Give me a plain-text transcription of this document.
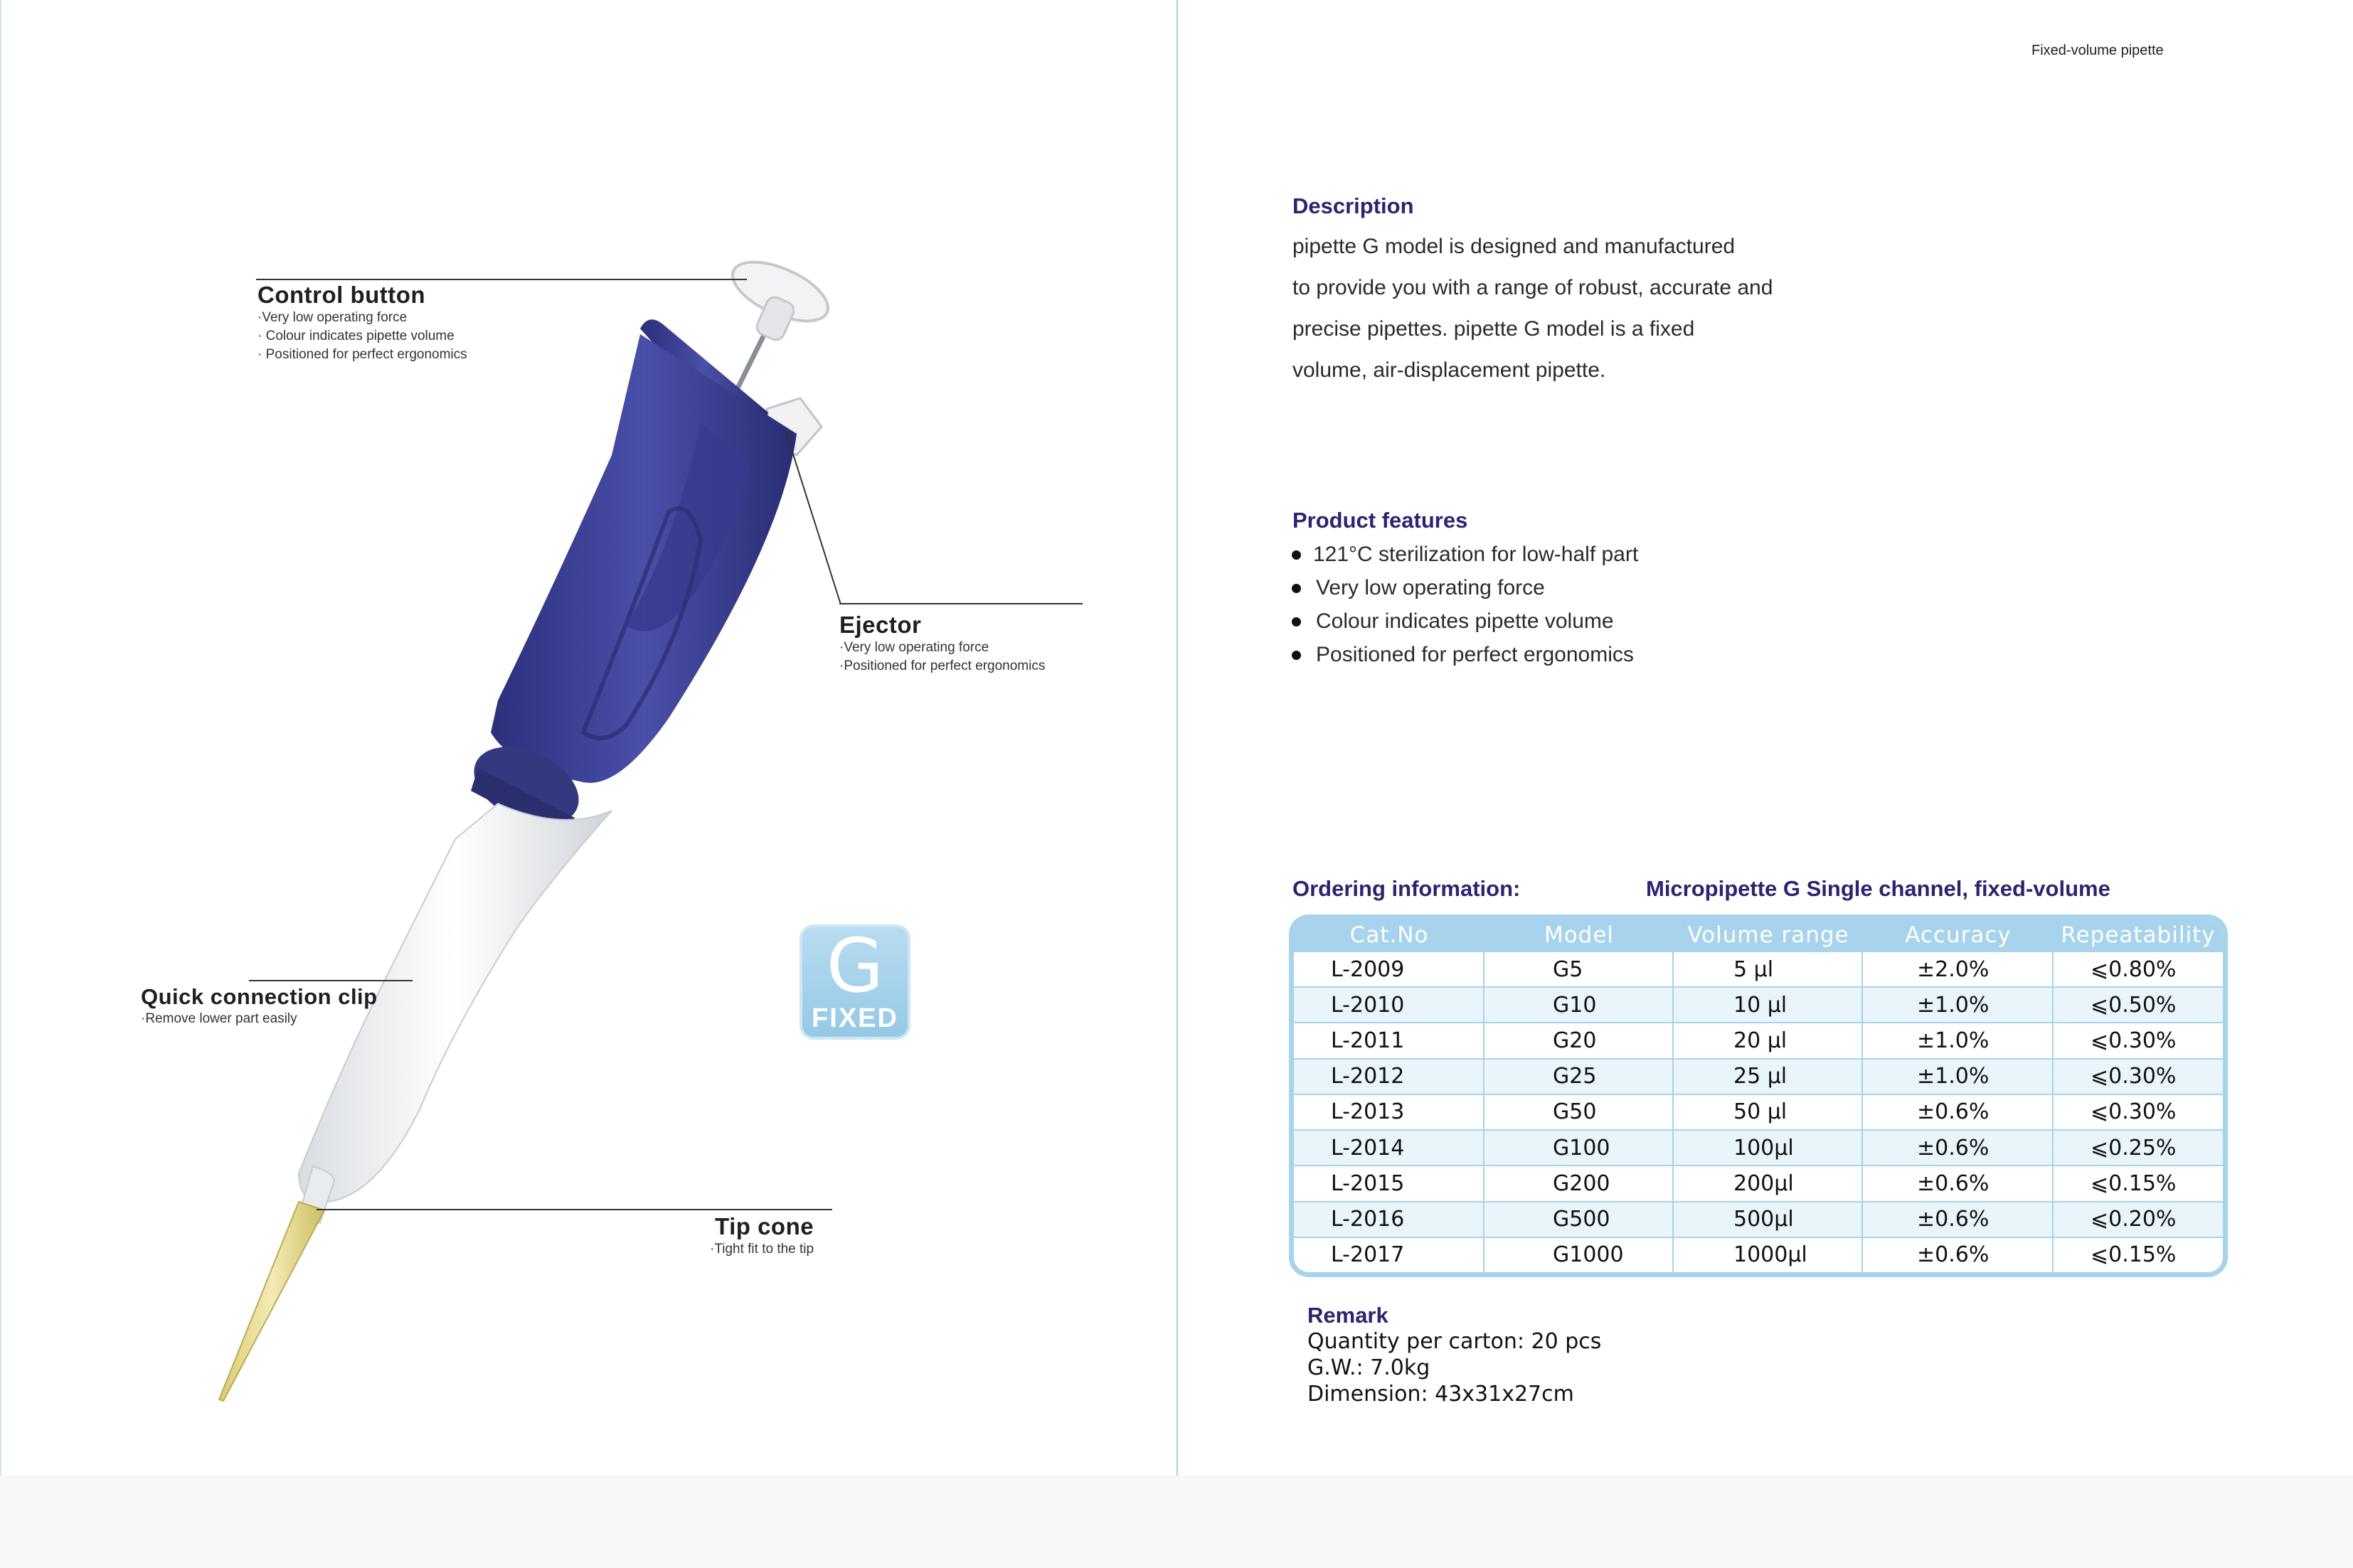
Control button
·Very low operating force
· Colour indicates pipette volume
· Positioned for perfect ergonomics
Ejector
·Very low operating force
·Positioned for perfect ergonomics
Quick connection clip
·Remove lower part easily
Tip cone
·Tight fit to the tip
G
FIXED
Fixed-volume pipette
Description
pipette G model is designed and manufactured
to provide you with a range of robust, accurate and
precise pipettes. pipette G model is a fixed
volume, air-displacement pipette.
Product features
121°C sterilization for low-half part
Very low operating force
Colour indicates pipette volume
Positioned for perfect ergonomics
Ordering information:	Micropipette G Single channel, fixed-volume
Cat.No	Model	Volume range	Accuracy	Repeatability
L-2009	G5	5 µl	±2.0%	⩽0.80%
L-2010	G10	10 µl	±1.0%	⩽0.50%
L-2011	G20	20 µl	±1.0%	⩽0.30%
L-2012	G25	25 µl	±1.0%	⩽0.30%
L-2013	G50	50 µl	±0.6%	⩽0.30%
L-2014	G100	100µl	±0.6%	⩽0.25%
L-2015	G200	200µl	±0.6%	⩽0.15%
L-2016	G500	500µl	±0.6%	⩽0.20%
L-2017	G1000	1000µl	±0.6%	⩽0.15%
Remark
Quantity per carton: 20 pcs
G.W.: 7.0kg
Dimension: 43x31x27cm
